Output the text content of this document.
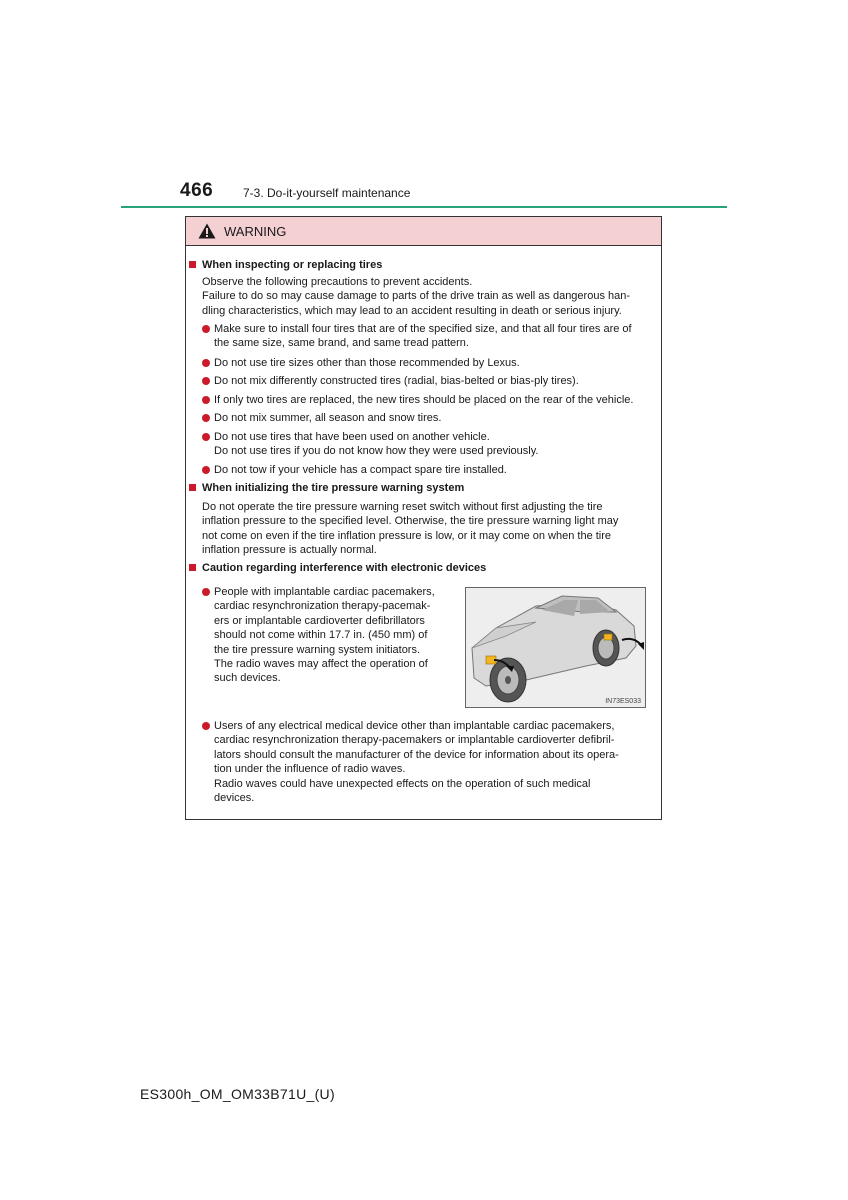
466 7-3. Do-it-yourself maintenance
WARNING
When inspecting or replacing tires
Observe the following precautions to prevent accidents.
Failure to do so may cause damage to parts of the drive train as well as dangerous han-
dling characteristics, which may lead to an accident resulting in death or serious injury.
Make sure to install four tires that are of the specified size, and that all four tires are of
the same size, same brand, and same tread pattern.
Do not use tire sizes other than those recommended by Lexus.
Do not mix differently constructed tires (radial, bias-belted or bias-ply tires).
If only two tires are replaced, the new tires should be placed on the rear of the vehicle.
Do not mix summer, all season and snow tires.
Do not use tires that have been used on another vehicle.
Do not use tires if you do not know how they were used previously.
Do not tow if your vehicle has a compact spare tire installed.
When initializing the tire pressure warning system
Do not operate the tire pressure warning reset switch without first adjusting the tire
inflation pressure to the specified level. Otherwise, the tire pressure warning light may
not come on even if the tire inflation pressure is low, or it may come on when the tire
inflation pressure is actually normal.
Caution regarding interference with electronic devices
People with implantable cardiac pacemakers,
cardiac resynchronization therapy-pacemak-
ers or implantable cardioverter defibrillators
should not come within 17.7 in. (450 mm) of
the tire pressure warning system initiators.
The radio waves may affect the operation of
such devices.
IN73ES033
Users of any electrical medical device other than implantable cardiac pacemakers,
cardiac resynchronization therapy-pacemakers or implantable cardioverter defibril-
lators should consult the manufacturer of the device for information about its opera-
tion under the influence of radio waves.
Radio waves could have unexpected effects on the operation of such medical
devices.
ES300h_OM_OM33B71U_(U)
